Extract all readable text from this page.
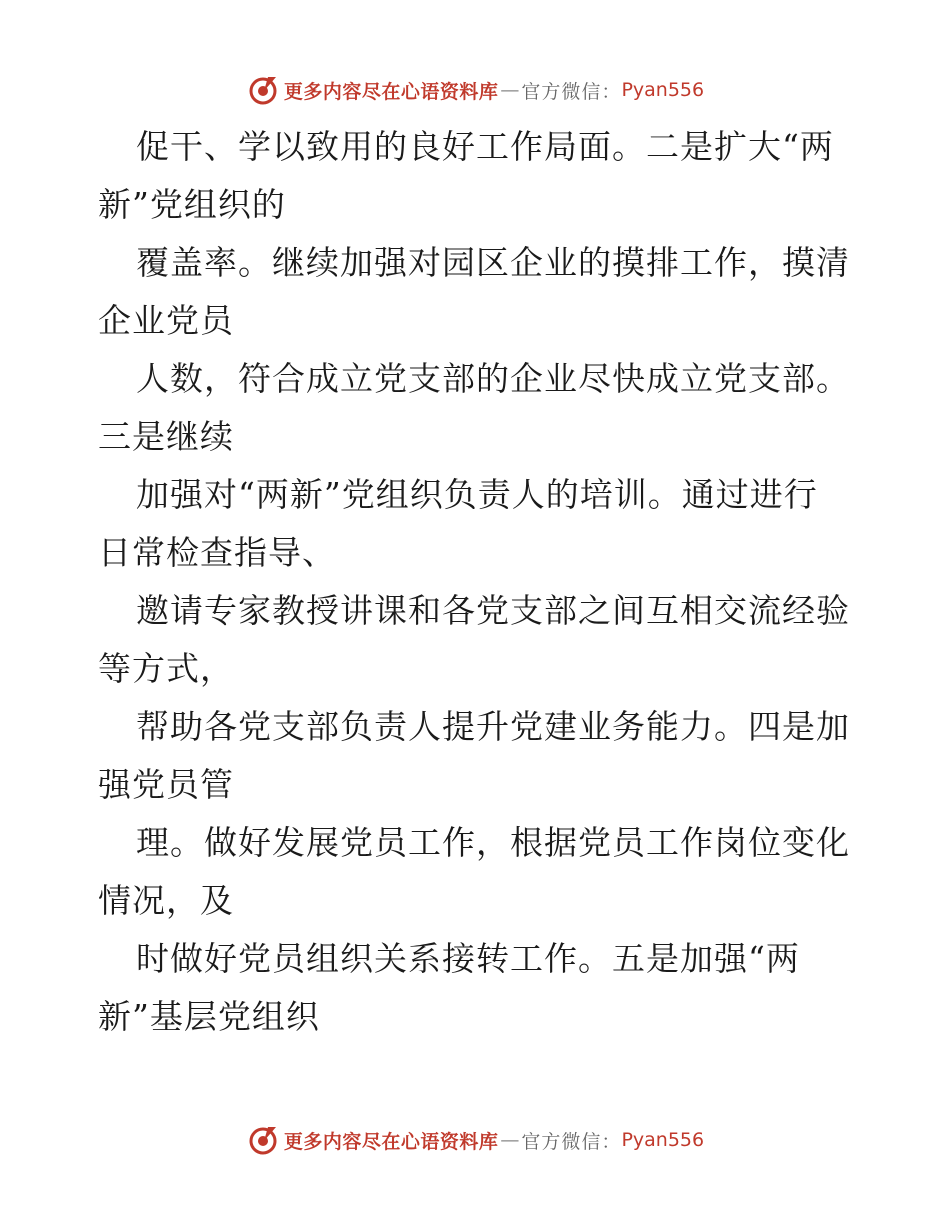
更多内容尽在心语资料库 — 官方微信： Pyan556
促干、学以致用的良好工作局面。二是扩大“两
新”党组织的
覆盖率。继续加强对园区企业的摸排工作，摸清
企业党员
人数，符合成立党支部的企业尽快成立党支部。
三是继续
加强对“两新”党组织负责人的培训。通过进行
日常检查指导、
邀请专家教授讲课和各党支部之间互相交流经验
等方式，
帮助各党支部负责人提升党建业务能力。四是加
强党员管
理。做好发展党员工作，根据党员工作岗位变化
情况，及
时做好党员组织关系接转工作。五是加强“两
新”基层党组织
更多内容尽在心语资料库 — 官方微信： Pyan556
